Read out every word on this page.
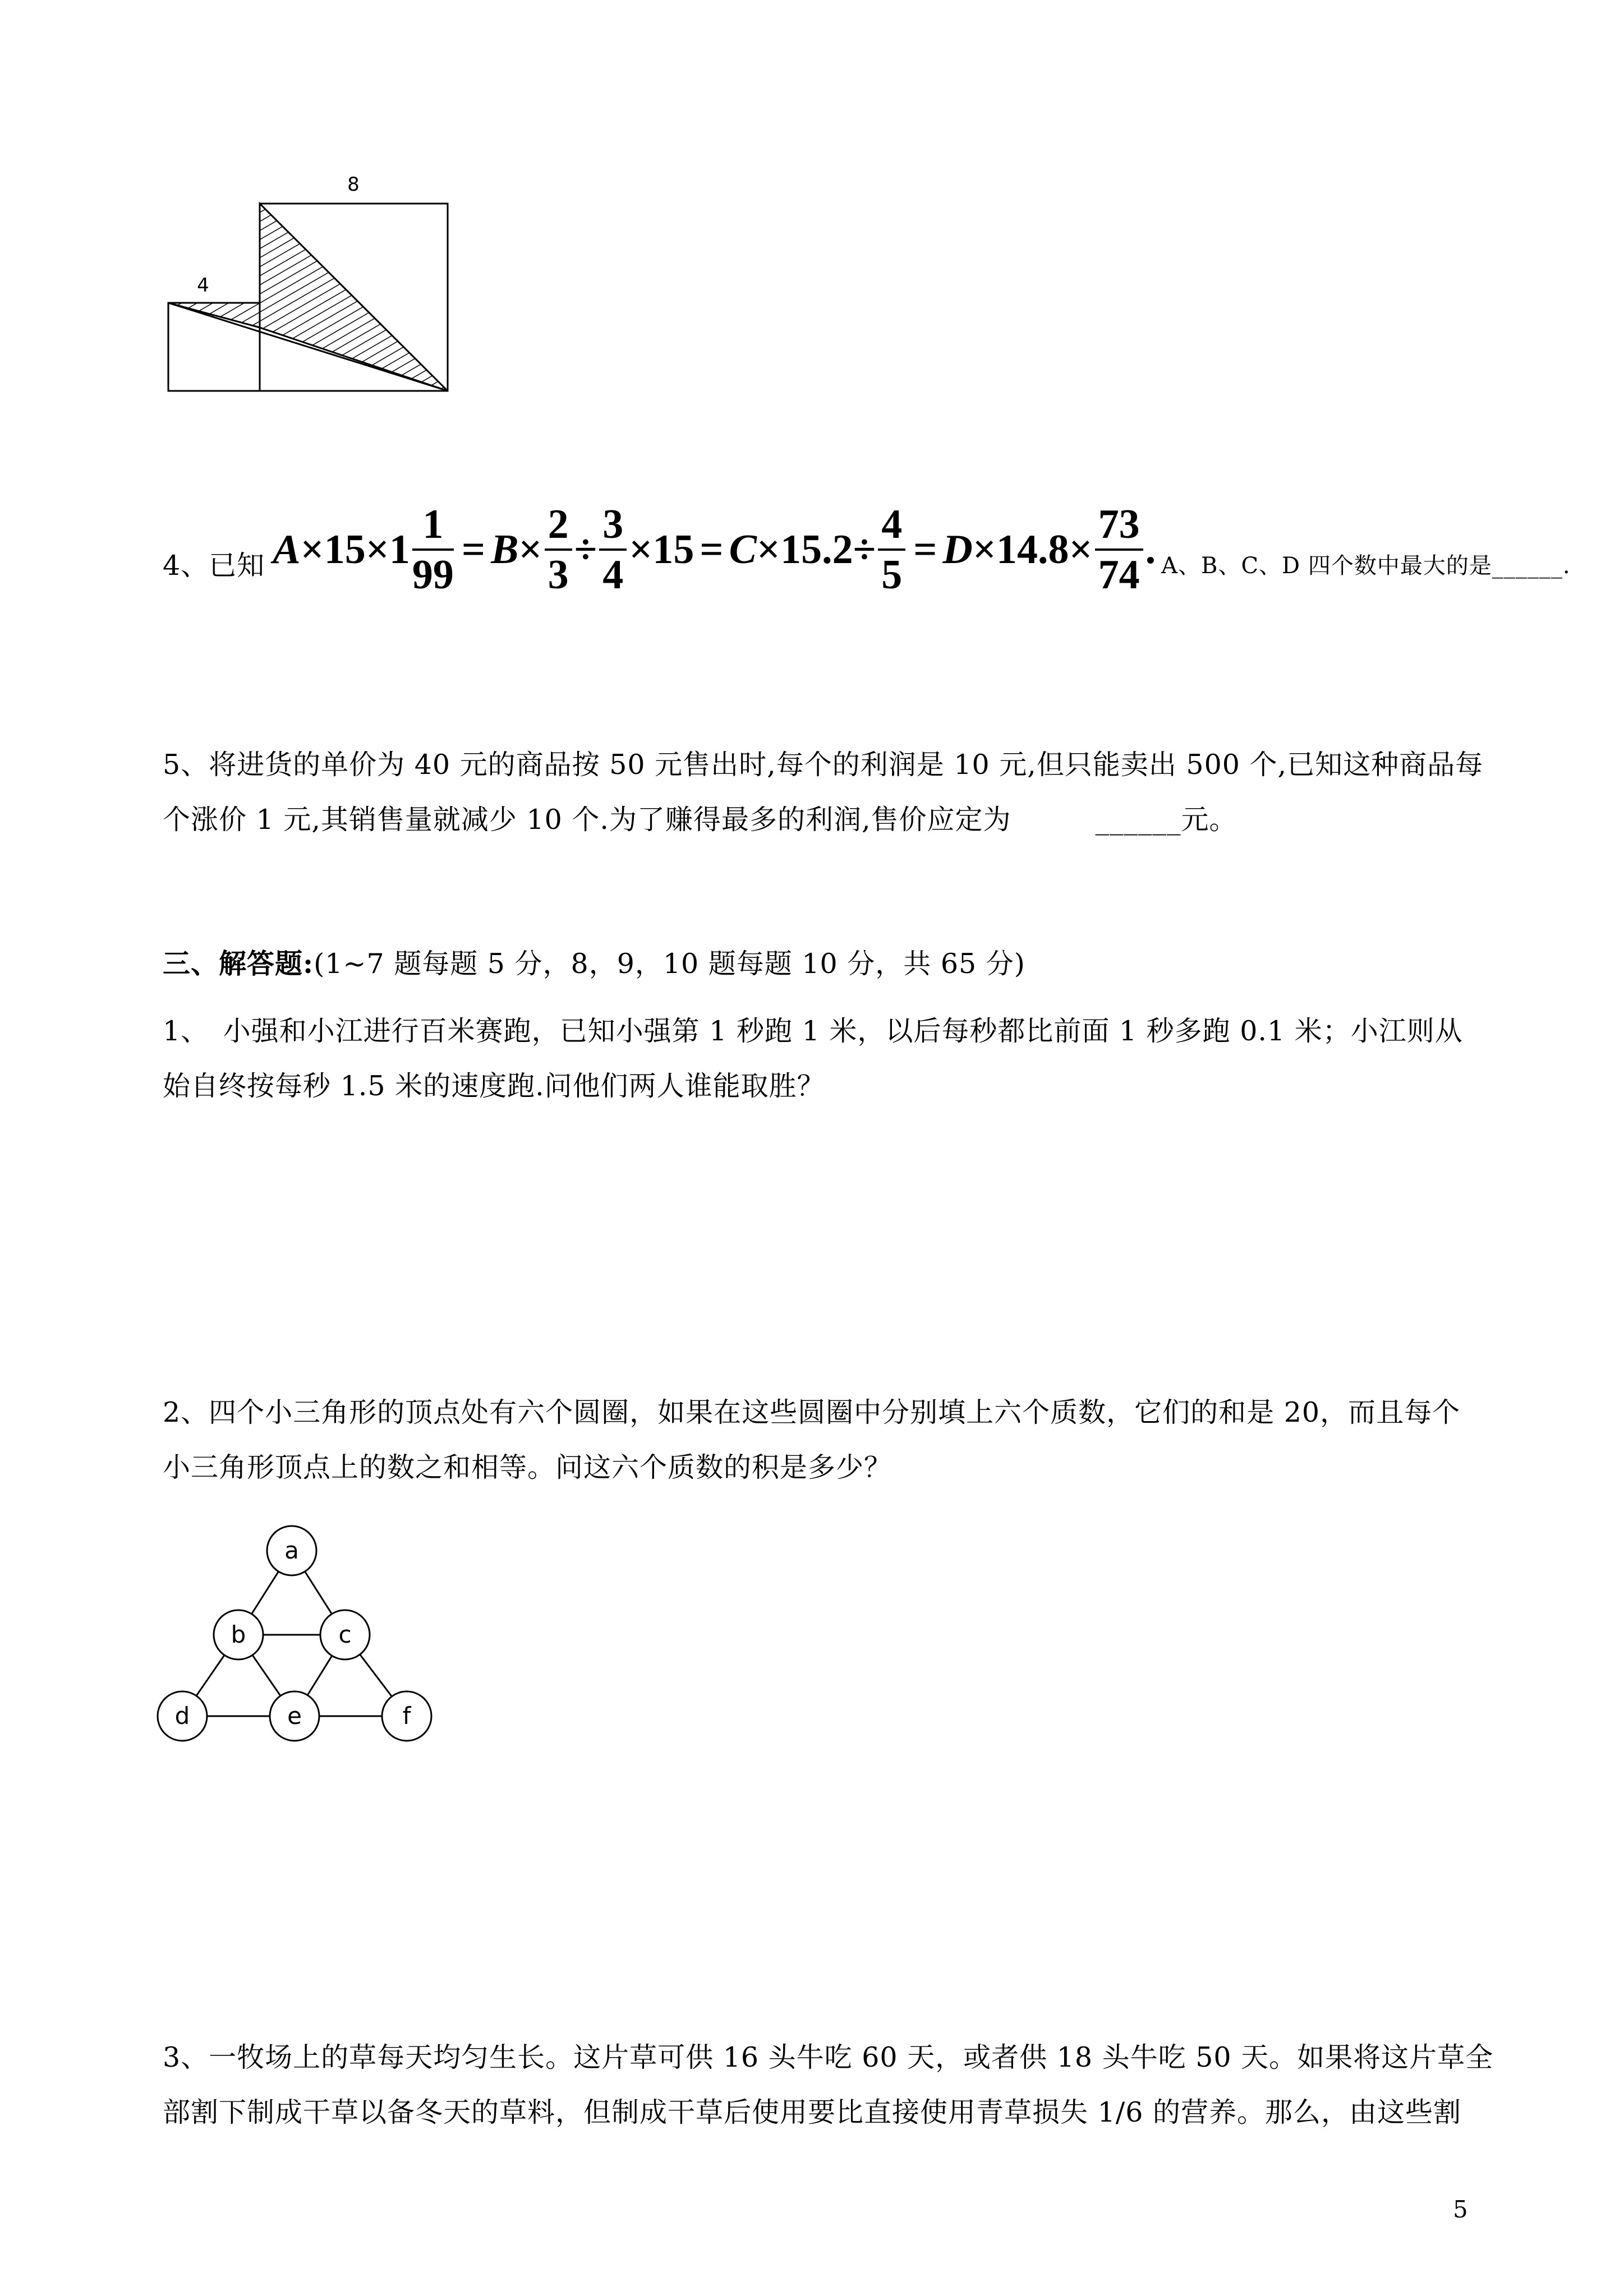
8
4
4、已知 $A \times 15\times 1 \frac{1}{99} = B \times \frac{2}{3} \div \frac{3}{4} \times 15 = C \times 15.2\div \frac{4}{5} = D \times 14.8\times \frac{73}{74}$ . A、B、C、D 四个数中最大的是______.
5、将进货的单价为 40 元的商品按 50 元售出时,每个的利润是 10 元,但只能卖出 500 个,已知这种商品每
个涨价 1 元,其销售量就减少 10 个.为了赚得最多的利润,售价应定为　　　______元。
三、解答题:(1~7 题每题 5 分，8，9，10 题每题 10 分，共 65 分)
1、　小强和小江进行百米赛跑，已知小强第 1 秒跑 1 米，以后每秒都比前面 1 秒多跑 0.1 米；小江则从
始自终按每秒 1.5 米的速度跑.问他们两人谁能取胜？
2、四个小三角形的顶点处有六个圆圈，如果在这些圆圈中分别填上六个质数，它们的和是 20，而且每个
小三角形顶点上的数之和相等。问这六个质数的积是多少？
a
b	c
d	e	f
3、一牧场上的草每天均匀生长。这片草可供 16 头牛吃 60 天，或者供 18 头牛吃 50 天。如果将这片草全
部割下制成干草以备冬天的草料，但制成干草后使用要比直接使用青草损失 1/6 的营养。那么，由这些割
5
